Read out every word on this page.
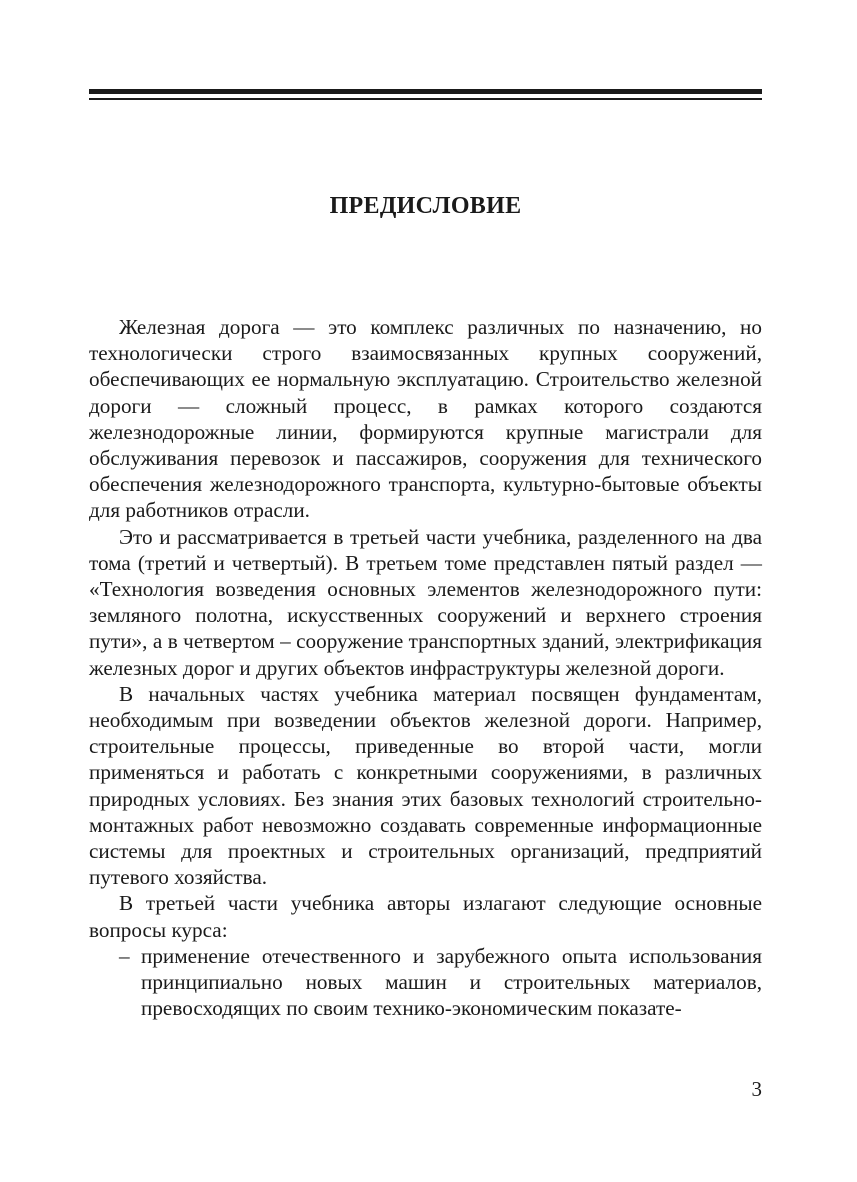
ПРЕДИСЛОВИЕ

Железная дорога — это комплекс различных по назначению, но технологически строго взаимосвязанных крупных сооружений, обеспечивающих ее нормальную эксплуатацию. Строительство железной дороги — сложный процесс, в рамках которого создаются железнодорожные линии, формируются крупные магистрали для обслуживания перевозок и пассажиров, сооружения для технического обеспечения железнодорожного транспорта, культурно-бытовые объекты для работников отрасли.

Это и рассматривается в третьей части учебника, разделенного на два тома (третий и четвертый). В третьем томе представлен пятый раздел — «Технология возведения основных элементов железнодорожного пути: земляного полотна, искусственных сооружений и верхнего строения пути», а в четвертом – сооружение транспортных зданий, электрификация железных дорог и других объектов инфраструктуры железной дороги.

В начальных частях учебника материал посвящен фундаментам, необходимым при возведении объектов железной дороги. Например, строительные процессы, приведенные во второй части, могли применяться и работать с конкретными сооружениями, в различных природных условиях. Без знания этих базовых технологий строительно-монтажных работ невозможно создавать современные информационные системы для проектных и строительных организаций, предприятий путевого хозяйства.

В третьей части учебника авторы излагают следующие основные вопросы курса:

– применение отечественного и зарубежного опыта использования принципиально новых машин и строительных материалов, превосходящих по своим технико-экономическим показате-
3
